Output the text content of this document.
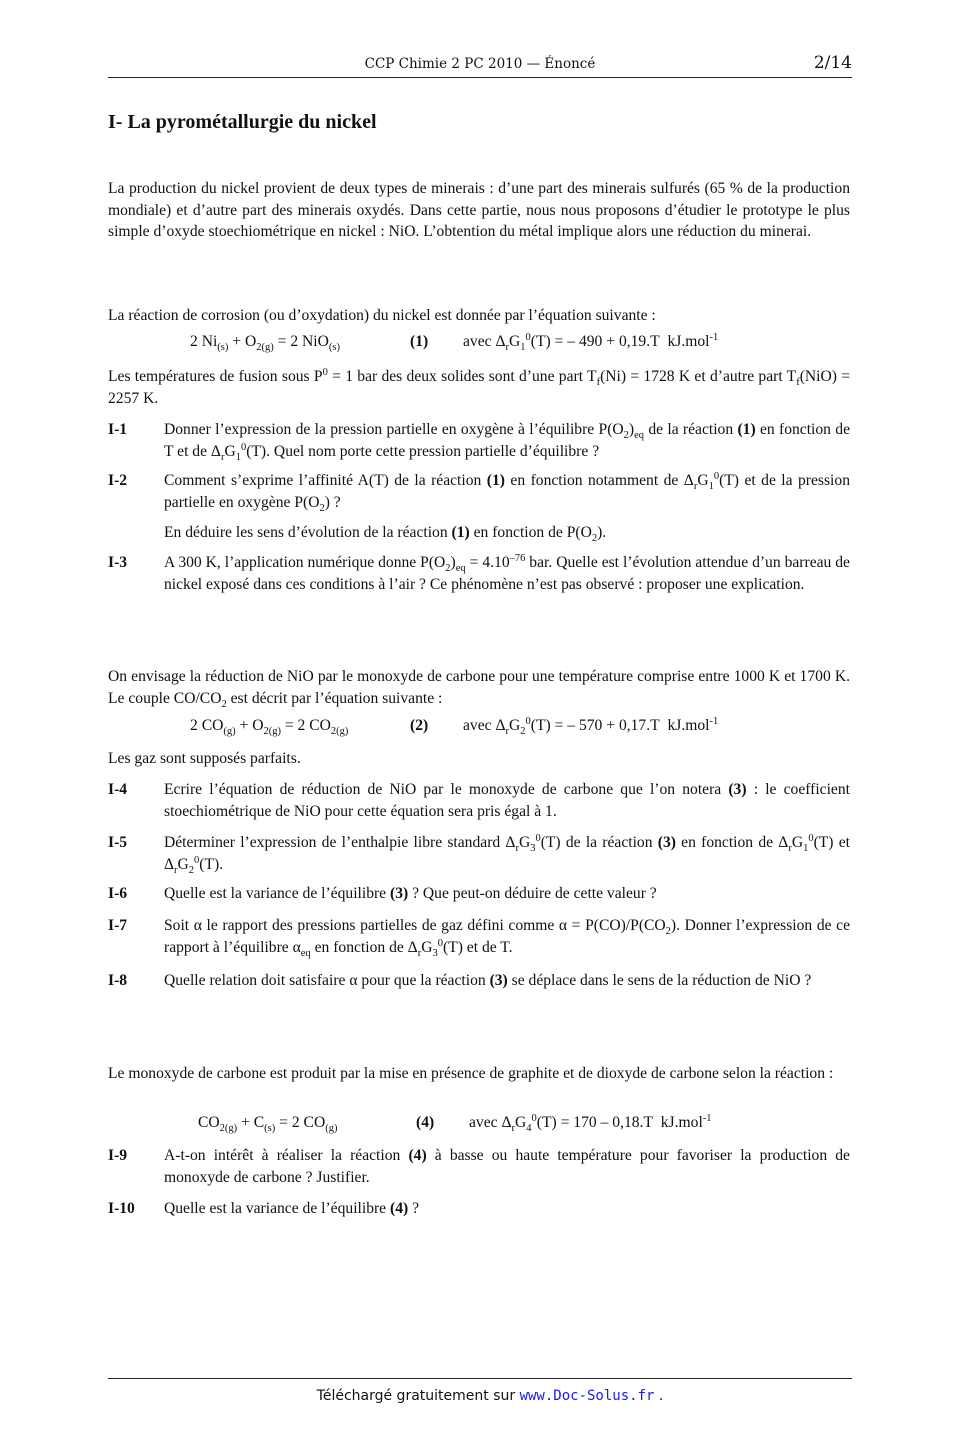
CCP Chimie 2 PC 2010 — Énoncé	2/14
I- La pyrométallurgie du nickel
La production du nickel provient de deux types de minerais : d’une part des minerais sulfurés (65 % de la production mondiale) et d’autre part des minerais oxydés. Dans cette partie, nous nous proposons d’étudier le prototype le plus simple d’oxyde stoechiométrique en nickel : NiO. L’obtention du métal implique alors une réduction du minerai.
La réaction de corrosion (ou d’oxydation) du nickel est donnée par l’équation suivante :
2 $Ni_{(s)} + O_{2(g)} = 2$ NiO$_{(s)}$	(1) avec $\Delta_rG_1^0(T)$ = – 490 + 0,19.T  kJ.mol$^{-1}$
Les températures de fusion sous $P^0 = 1$ bar des deux solides sont d’une part $T_f(Ni) = 1728$ K et d’autre part $T_f(NiO) = 2257$ K.
I-1 Donner l’expression de la pression partielle en oxygène à l’équilibre $P(O_2)_{eq}$ de la réaction (1) en fonction de T et de $\Delta_rG_1^0(T)$. Quel nom porte cette pression partielle d’équilibre ?
I-2 Comment s’exprime l’affinité A(T) de la réaction (1) en fonction notamment de $\Delta_rG_1^0(T)$ et de la pression partielle en oxygène $P(O_2)$ ?
En déduire les sens d’évolution de la réaction (1) en fonction de $P(O_2)$.
I-3 A 300 K, l’application numérique donne $P(O_2)_{eq} = 4.10^{-76}$ bar. Quelle est l’évolution attendue d’un barreau de nickel exposé dans ces conditions à l’air ? Ce phénomène n’est pas observé : proposer une explication.
On envisage la réduction de NiO par le monoxyde de carbone pour une température comprise entre 1000 K et 1700 K. Le couple $CO/CO_2$ est décrit par l’équation suivante :
2 $CO_{(g)} + O_{2(g)} = 2$ $CO_{2(g)}$	(2) avec $\Delta_rG_2^0(T)$ = – 570 + 0,17.T  kJ.mol$^{-1}$
Les gaz sont supposés parfaits.
I-4 Ecrire l’équation de réduction de NiO par le monoxyde de carbone que l’on notera (3) : le coefficient stoechiométrique de NiO pour cette équation sera pris égal à 1.
I-5 Déterminer l’expression de l’enthalpie libre standard $\Delta_rG_3^0(T)$ de la réaction (3) en fonction de $\Delta_rG_1^0(T)$ et $\Delta_rG_2^0(T)$.
I-6 Quelle est la variance de l’équilibre (3) ? Que peut-on déduire de cette valeur ?
I-7 Soit α le rapport des pressions partielles de gaz défini comme $\alpha = P(CO)/P(CO_2)$. Donner l’expression de ce rapport à l’équilibre $\alpha_{eq}$ en fonction de $\Delta_rG_3^0(T)$ et de T.
I-8 Quelle relation doit satisfaire α pour que la réaction (3) se déplace dans le sens de la réduction de NiO ?
Le monoxyde de carbone est produit par la mise en présence de graphite et de dioxyde de carbone selon la réaction :
$CO_{2(g)} + C_{(s)} = 2$ $CO_{(g)}$	(4) avec $\Delta_rG_4^0(T) = 170 - 0,18.T$  kJ.mol$^{-1}$
I-9 A-t-on intérêt à réaliser la réaction (4) à basse ou haute température pour favoriser la production de monoxyde de carbone ? Justifier.
I-10 Quelle est la variance de l’équilibre (4) ?
Téléchargé gratuitement sur www.Doc-Solus.fr .
